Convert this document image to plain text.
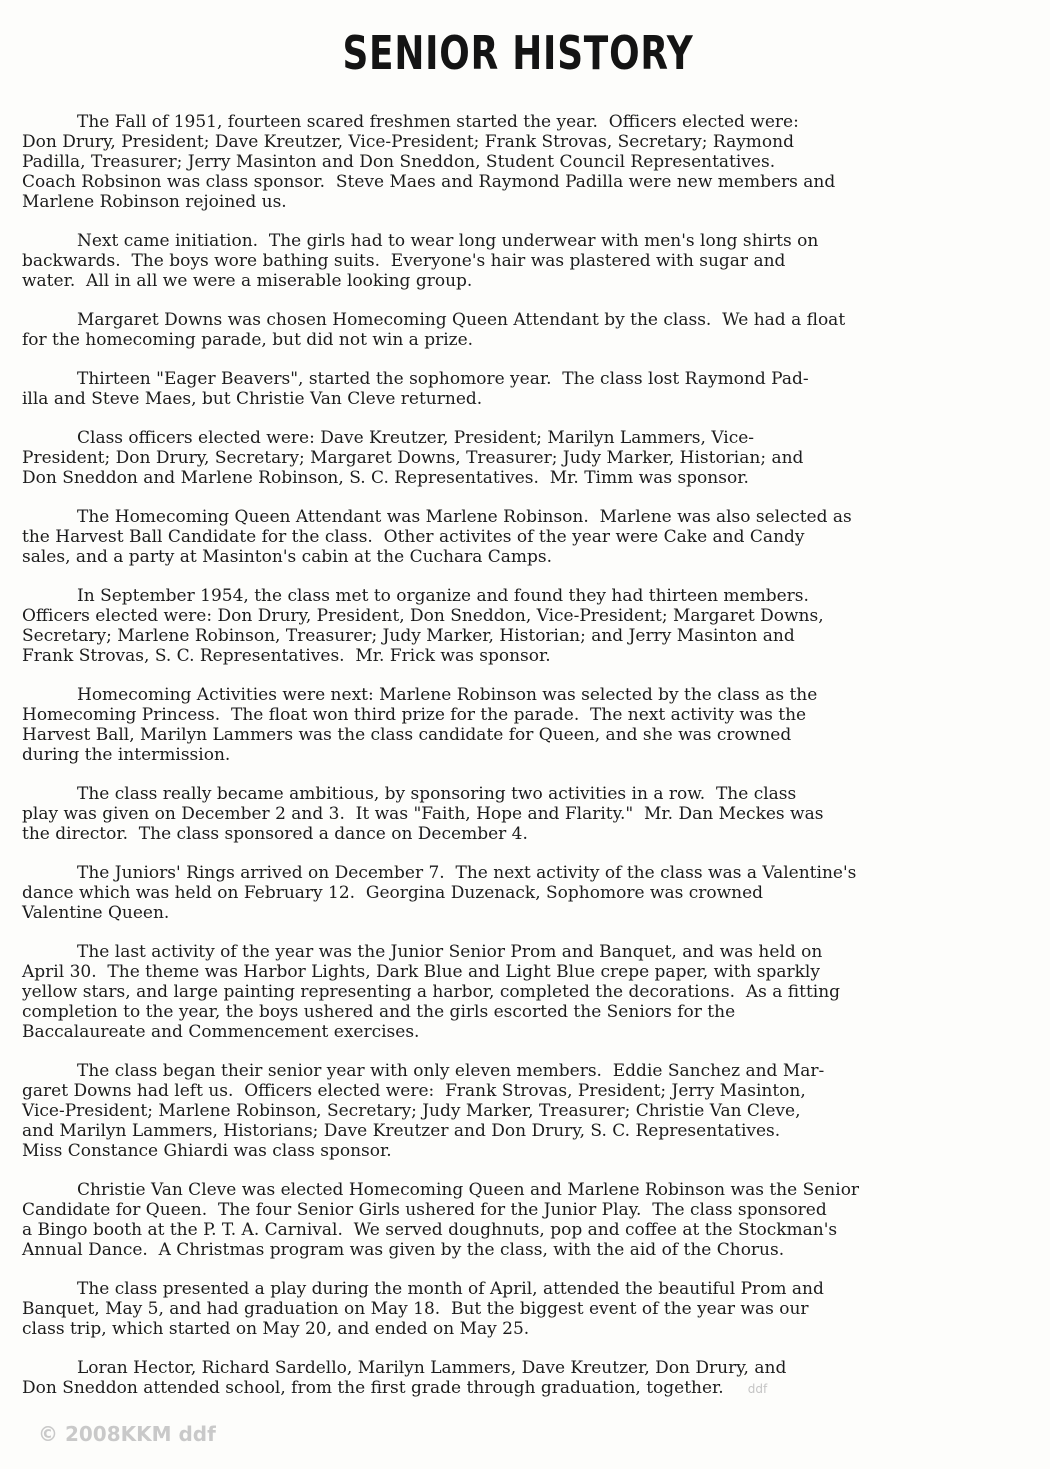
SENIOR HISTORY
The Fall of 1951, fourteen scared freshmen started the year.  Officers elected were:
Don Drury, President; Dave Kreutzer, Vice-President; Frank Strovas, Secretary; Raymond
Padilla, Treasurer; Jerry Masinton and Don Sneddon, Student Council Representatives.
Coach Robsinon was class sponsor.  Steve Maes and Raymond Padilla were new members and
Marlene Robinson rejoined us.
Next came initiation.  The girls had to wear long underwear with men's long shirts on
backwards.  The boys wore bathing suits.  Everyone's hair was plastered with sugar and
water.  All in all we were a miserable looking group.
Margaret Downs was chosen Homecoming Queen Attendant by the class.  We had a float
for the homecoming parade, but did not win a prize.
Thirteen "Eager Beavers", started the sophomore year.  The class lost Raymond Pad-
illa and Steve Maes, but Christie Van Cleve returned.
Class officers elected were: Dave Kreutzer, President; Marilyn Lammers, Vice-
President; Don Drury, Secretary; Margaret Downs, Treasurer; Judy Marker, Historian; and
Don Sneddon and Marlene Robinson, S. C. Representatives.  Mr. Timm was sponsor.
The Homecoming Queen Attendant was Marlene Robinson.  Marlene was also selected as
the Harvest Ball Candidate for the class.  Other activites of the year were Cake and Candy
sales, and a party at Masinton's cabin at the Cuchara Camps.
In September 1954, the class met to organize and found they had thirteen members.
Officers elected were: Don Drury, President, Don Sneddon, Vice-President; Margaret Downs,
Secretary; Marlene Robinson, Treasurer; Judy Marker, Historian; and Jerry Masinton and
Frank Strovas, S. C. Representatives.  Mr. Frick was sponsor.
Homecoming Activities were next: Marlene Robinson was selected by the class as the
Homecoming Princess.  The float won third prize for the parade.  The next activity was the
Harvest Ball, Marilyn Lammers was the class candidate for Queen, and she was crowned
during the intermission.
The class really became ambitious, by sponsoring two activities in a row.  The class
play was given on December 2 and 3.  It was "Faith, Hope and Flarity."  Mr. Dan Meckes was
the director.  The class sponsored a dance on December 4.
The Juniors' Rings arrived on December 7.  The next activity of the class was a Valentine's
dance which was held on February 12.  Georgina Duzenack, Sophomore was crowned
Valentine Queen.
The last activity of the year was the Junior Senior Prom and Banquet, and was held on
April 30.  The theme was Harbor Lights, Dark Blue and Light Blue crepe paper, with sparkly
yellow stars, and large painting representing a harbor, completed the decorations.  As a fitting
completion to the year, the boys ushered and the girls escorted the Seniors for the
Baccalaureate and Commencement exercises.
The class began their senior year with only eleven members.  Eddie Sanchez and Mar-
garet Downs had left us.  Officers elected were:  Frank Strovas, President; Jerry Masinton,
Vice-President; Marlene Robinson, Secretary; Judy Marker, Treasurer; Christie Van Cleve,
and Marilyn Lammers, Historians; Dave Kreutzer and Don Drury, S. C. Representatives.
Miss Constance Ghiardi was class sponsor.
Christie Van Cleve was elected Homecoming Queen and Marlene Robinson was the Senior
Candidate for Queen.  The four Senior Girls ushered for the Junior Play.  The class sponsored
a Bingo booth at the P. T. A. Carnival.  We served doughnuts, pop and coffee at the Stockman's
Annual Dance.  A Christmas program was given by the class, with the aid of the Chorus.
The class presented a play during the month of April, attended the beautiful Prom and
Banquet, May 5, and had graduation on May 18.  But the biggest event of the year was our
class trip, which started on May 20, and ended on May 25.
Loran Hector, Richard Sardello, Marilyn Lammers, Dave Kreutzer, Don Drury, and
Don Sneddon attended school, from the first grade through graduation, together. ddf
© 2008KKM ddf
